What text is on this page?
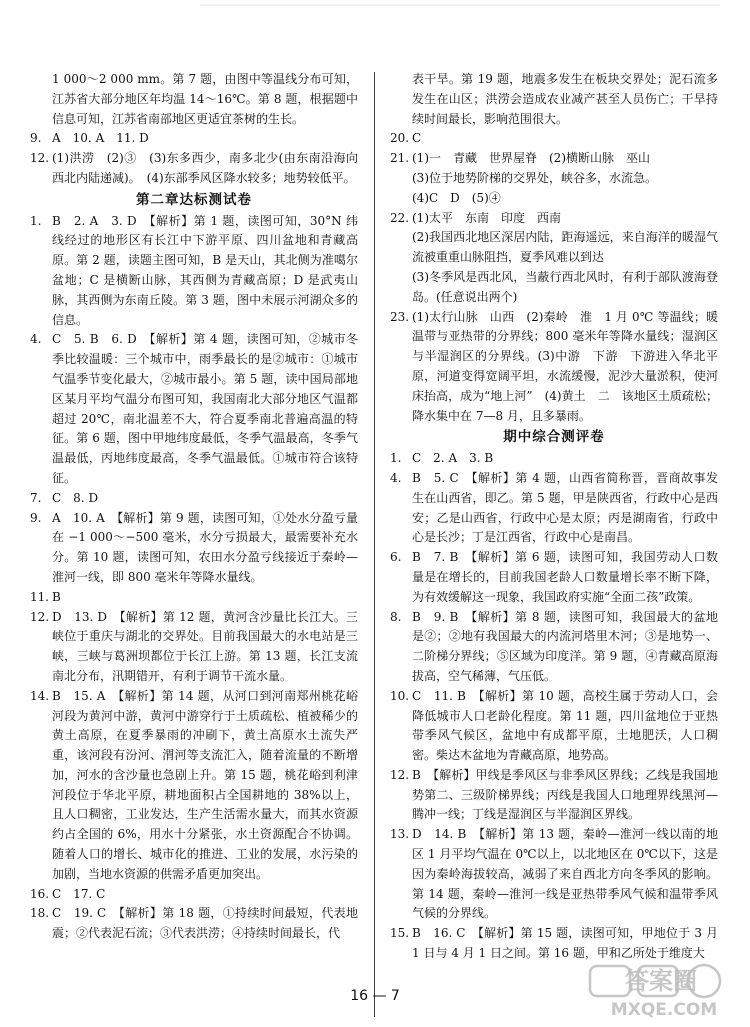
1 000～2 000 mm。第 7 题，由图中等温线分布可知，江苏省大部分地区年均温 14～16℃。第 8 题，根据题中信息可知，江苏省南部地区更适宜茶树的生长。
9. A　10. A　11. D
12. (1)洪涝　(2)③　(3)东多西少，南多北少(由东南沿海向西北内陆递减)。　(4)东部季风区降水较多；地势较低平。
第二章达标测试卷
1. B　2. A　3. D　【解析】第 1 题，读图可知，30°N 纬线经过的地形区有长江中下游平原、四川盆地和青藏高原。第 2 题，读题主图可知，B 是天山，其北侧为准噶尔盆地；C 是横断山脉，其西侧为青藏高原；D 是武夷山脉，其西侧为东南丘陵。第 3 题，图中未展示河湖众多的信息。
4. C　5. B　6. D　【解析】第 4 题，读图可知，②城市冬季比较温暖：三个城市中，雨季最长的是②城市：①城市气温季节变化最大，②城市最小。第 5 题，读中国局部地区某月平均气温分布图可知，我国南北大部分地区气温都超过 20℃，南北温差不大，符合夏季南北普遍高温的特征。第 6 题，图中甲地纬度最低，冬季气温最高，冬季气温最低，丙地纬度最高，冬季气温最低。①城市符合该特征。
7. C　8. D
9. A　10. A　【解析】第 9 题，读图可知，①处水分盈亏量在 −1 000～−500 毫米，水分亏损最大，最需要补充水分。第 10 题，读图可知，农田水分盈亏线接近于秦岭—淮河一线，即 800 毫米年等降水量线。
11. B
12. D　13. D　【解析】第 12 题，黄河含沙量比长江大。三峡位于重庆与湖北的交界处。目前我国最大的水电站是三峡，三峡与葛洲坝都位于长江上游。第 13 题，长江支流南北分布，汛期错开，有利于调节干流水量。
14. B　15. A　【解析】第 14 题，从河口到河南郑州桃花峪河段为黄河中游，黄河中游穿行于土质疏松、植被稀少的黄土高原，在夏季暴雨的冲刷下，黄土高原水土流失严重，该河段有汾河、渭河等支流汇入，随着流量的不断增加，河水的含沙量也急剧上升。第 15 题，桃花峪到利津河段位于华北平原，耕地面积占全国耕地的 38%以上，且人口稠密，工业发达，生产生活需水量大，而其水资源约占全国的 6%，用水十分紧张，水土资源配合不协调。随着人口的增长、城市化的推进、工业的发展，水污染的加剧，当地水资源的供需矛盾更加突出。
16. C　17. C
18. C　19. C　【解析】第 18 题，①持续时间最短，代表地震；②代表泥石流；③代表洪涝；④持续时间最长，代
表干旱。第 19 题，地震多发生在板块交界处；泥石流多发生在山区；洪涝会造成农业减产甚至人员伤亡；干旱持续时间最长，影响范围很大。
20. C
21. (1)一　青藏　世界屋脊　(2)横断山脉　巫山
(3)位于地势阶梯的交界处，峡谷多，水流急。
(4)C　D　(5)④
22. (1)太平　东南　印度　西南
(2)我国西北地区深居内陆，距海遥远，来自海洋的暖湿气流被重重山脉阻挡，夏季风难以到达
(3)冬季风是西北风，当蔽行西北风时，有利于部队渡海登岛。(任意说出两个)
23. (1)太行山脉　山西　(2)秦岭　淮　1 月 0℃ 等温线；暖温带与亚热带的分界线；800 毫米年等降水量线；湿润区与半湿润区的分界线。(3)中游　下游　下游进入华北平原，河道变得宽阔平坦，水流缓慢，泥沙大量淤积，使河床抬高，成为“地上河”　(4)黄土　二　该地区土质疏松；降水集中在 7—8 月，且多暴雨。
期中综合测评卷
1. C　2. A　3. B
4. B　5. C　【解析】第 4 题，山西省简称晋，晋商故事发生在山西省，即乙。第 5 题，甲是陕西省，行政中心是西安；乙是山西省，行政中心是太原；丙是湖南省，行政中心是长沙；丁是江西省，行政中心是南昌。
6. B　7. B　【解析】第 6 题，读图可知，我国劳动人口数量是在增长的，目前我国老龄人口数量增长率不断下降，为有效缓解这一现象，我国政府实施“全面二孩”政策。
8. B　9. B　【解析】第 8 题，读图可知，我国最大的盆地是②；②地有我国最大的内流河塔里木河；③是地势一、二阶梯分界线；⑤区域为印度洋。第 9 题，④青藏高原海拔高，空气稀薄，气压低。
10. C　11. B　【解析】第 10 题，高校生属于劳动人口，会降低城市人口老龄化程度。第 11 题，四川盆地位于亚热带季风气候区，盆地中有成都平原，土地肥沃，人口稠密。柴达木盆地为青藏高原，地势高。
12. B　【解析】甲线是季风区与非季风区界线；乙线是我国地势第二、三级阶梯界线；丙线是我国人口地理界线黑河—腾冲一线；丁线是湿润区与半湿润区界线。
13. D　14. B　【解析】第 13 题，秦岭—淮河一线以南的地区 1 月平均气温在 0℃以上，以北地区在 0℃以下，这是因为秦岭海拔较高，减弱了来自西北方向冬季风的影响。第 14 题，秦岭—淮河一线是亚热带季风气候和温带季风气候的分界线。
15. B　16. C　【解析】第 15 题，读图可知，甲地位于 3 月 1 日与 4 月 1 日之间。第 16 题，甲和乙所处于维度大
16 — 7
答案圈
MXQE.COM
